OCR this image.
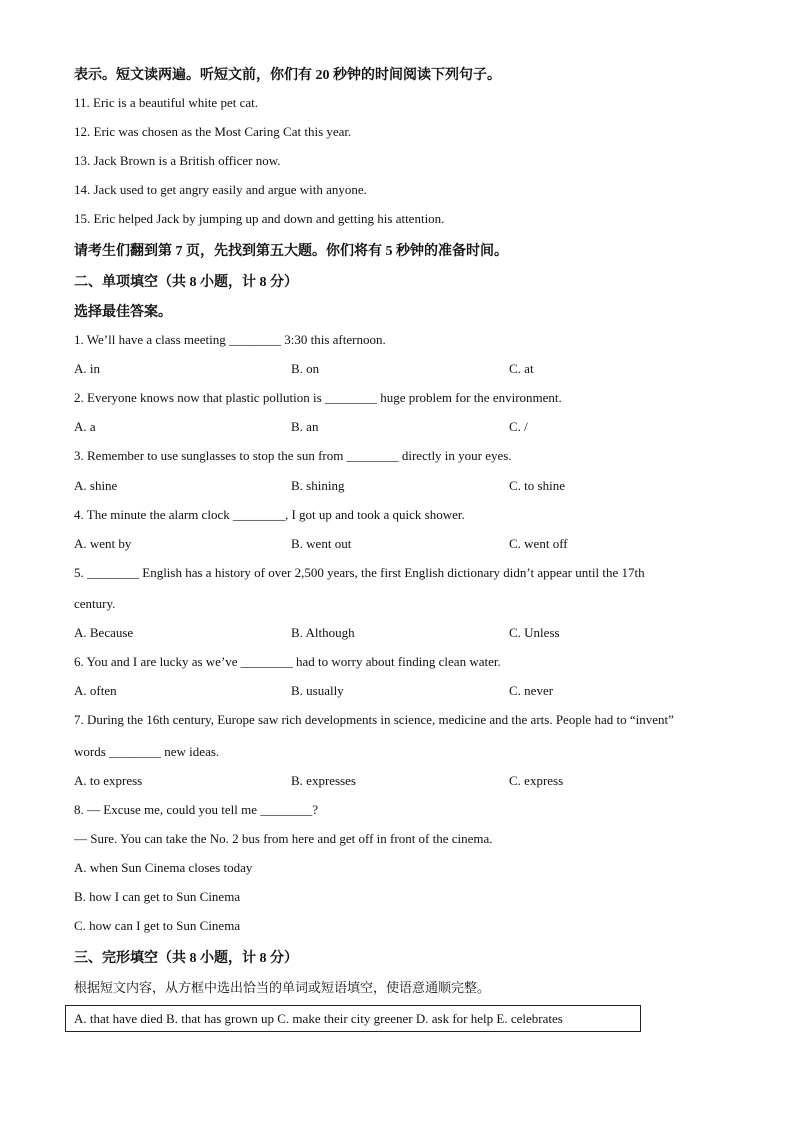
表示。短文读两遍。听短文前，你们有 20 秒钟的时间阅读下列句子。
11. Eric is a beautiful white pet cat.
12. Eric was chosen as the Most Caring Cat this year.
13. Jack Brown is a British officer now.
14. Jack used to get angry easily and argue with anyone.
15. Eric helped Jack by jumping up and down and getting his attention.
请考生们翻到第 7 页，先找到第五大题。你们将有 5 秒钟的准备时间。
二、单项填空（共 8 小题，计 8 分）
选择最佳答案。
1. We’ll have a class meeting ________ 3:30 this afternoon.
A. in	B. on	C. at
2. Everyone knows now that plastic pollution is ________ huge problem for the environment.
A. a	B. an	C. /
3. Remember to use sunglasses to stop the sun from ________ directly in your eyes.
A. shine	B. shining	C. to shine
4. The minute the alarm clock ________, I got up and took a quick shower.
A. went by	B. went out	C. went off
5. ________ English has a history of over 2,500 years, the first English dictionary didn’t appear until the 17th
century.
A. Because	B. Although	C. Unless
6. You and I are lucky as we’ve ________ had to worry about finding clean water.
A. often	B. usually	C. never
7. During the 16th century, Europe saw rich developments in science, medicine and the arts. People had to “invent”
words ________ new ideas.
A. to express	B. expresses	C. express
8. — Excuse me, could you tell me ________?
— Sure. You can take the No. 2 bus from here and get off in front of the cinema.
A. when Sun Cinema closes today
B. how I can get to Sun Cinema
C. how can I get to Sun Cinema
三、完形填空（共 8 小题，计 8 分）
根据短文内容，从方框中选出恰当的单词或短语填空，使语意通顺完整。
A. that have died B. that has grown up C. make their city greener D. ask for help E. celebrates
